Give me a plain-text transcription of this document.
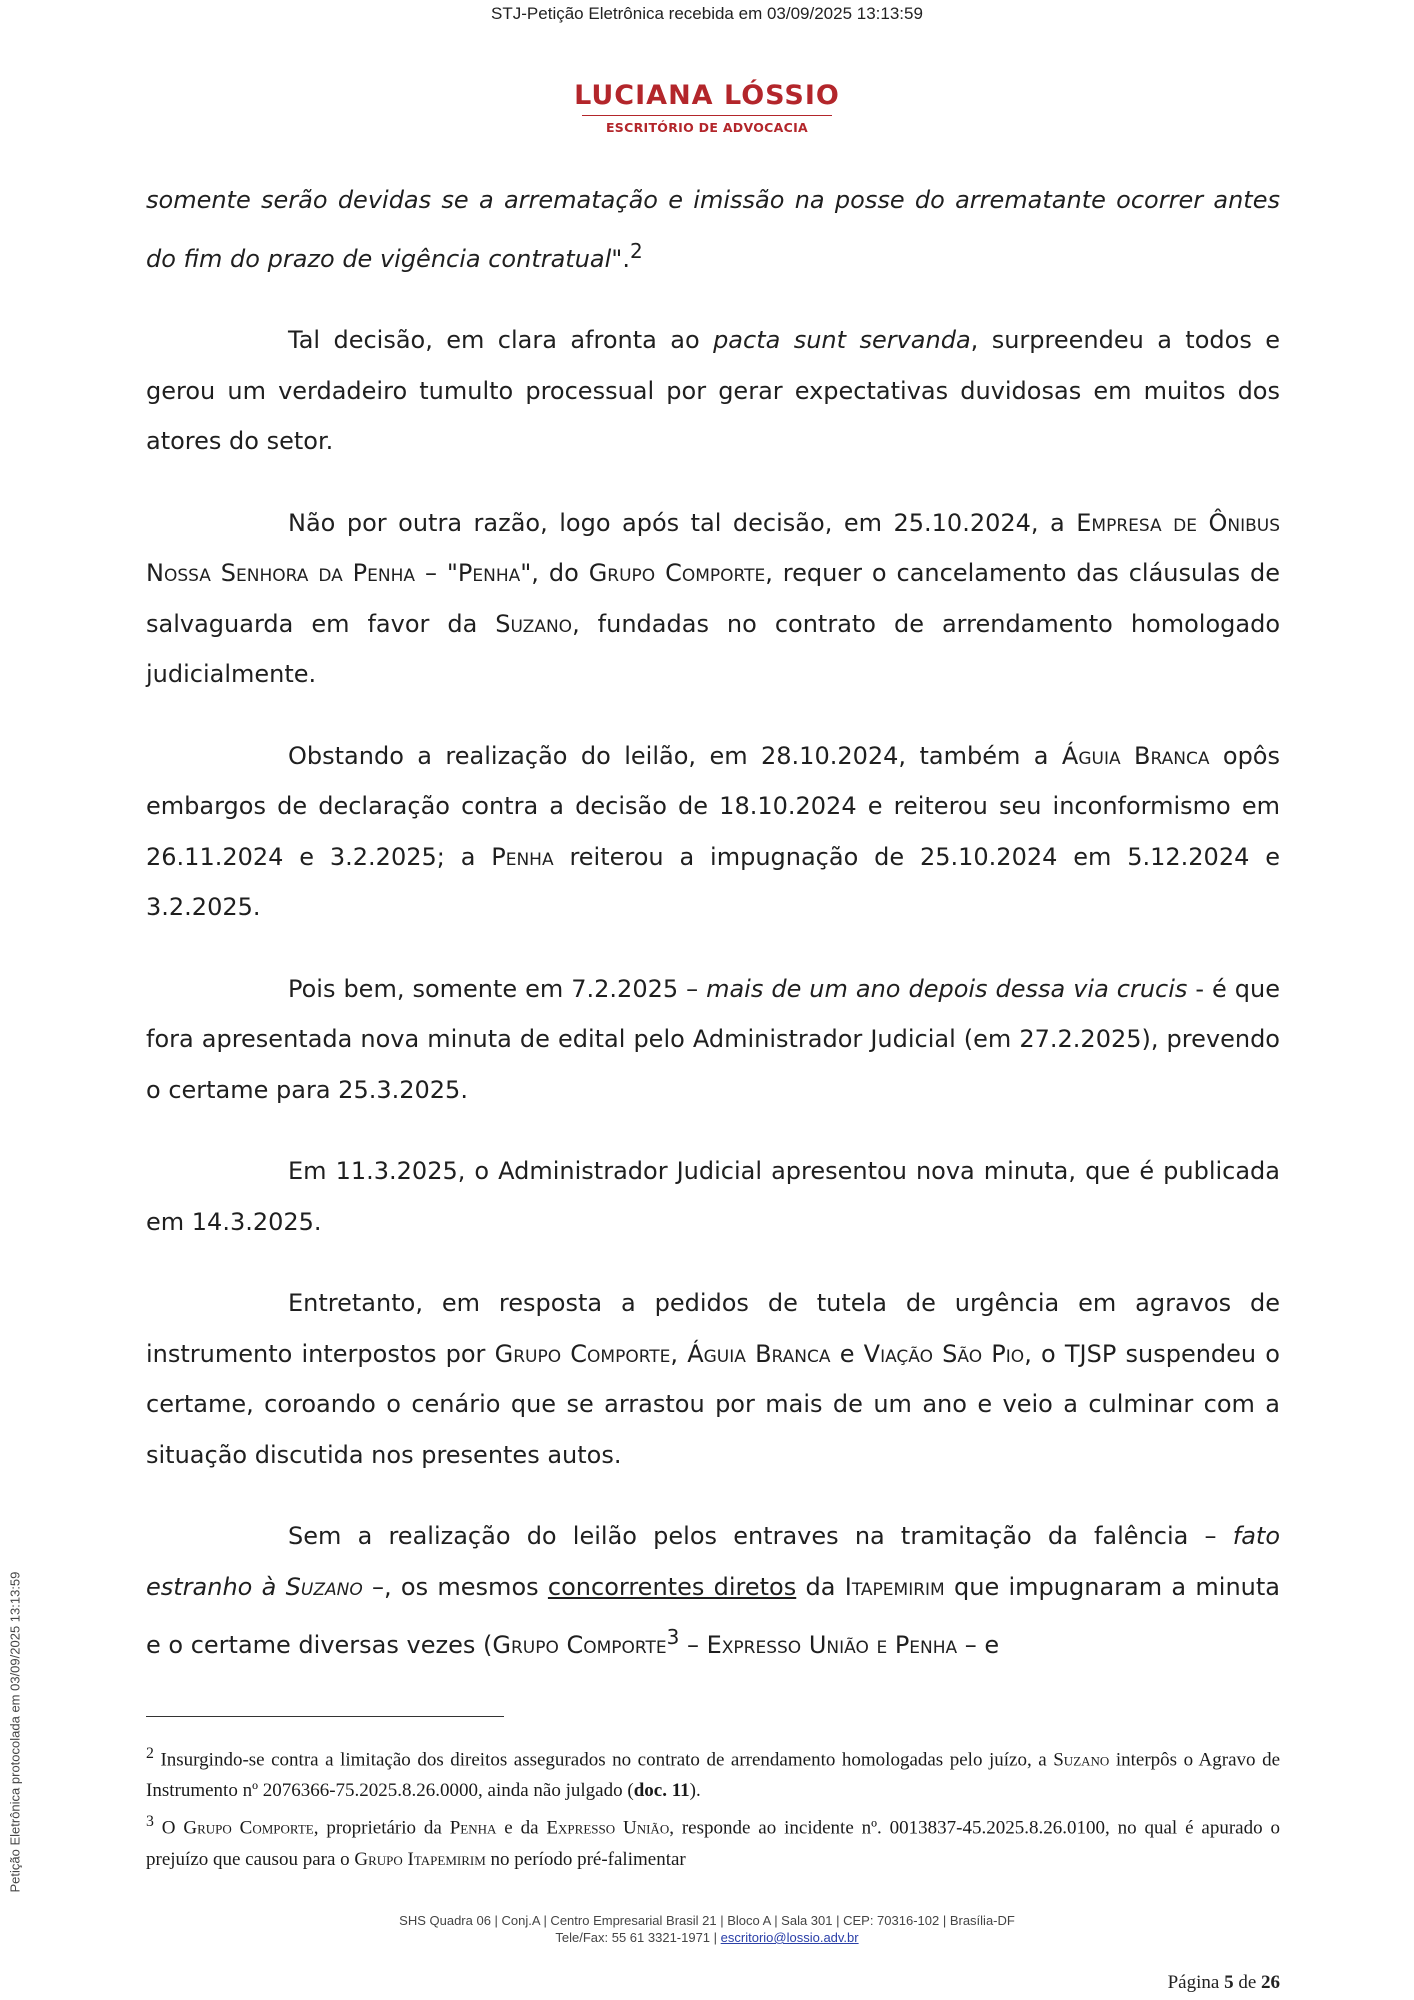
STJ-Petição Eletrônica recebida em 03/09/2025 13:13:59
Petição Eletrônica protocolada em 03/09/2025 13:13:59
LUCIANA LÓSSIO
ESCRITÓRIO DE ADVOCACIA

somente serão devidas se a arrematação e imissão na posse do arrematante ocorrer antes do fim do prazo de vigência contratual".$^2$

Tal decisão, em clara afronta ao pacta sunt servanda, surpreendeu a todos e gerou um verdadeiro tumulto processual por gerar expectativas duvidosas em muitos dos atores do setor.

Não por outra razão, logo após tal decisão, em 25.10.2024, a Empresa de Ônibus Nossa Senhora da Penha – "Penha", do Grupo Comporte, requer o cancelamento das cláusulas de salvaguarda em favor da Suzano, fundadas no contrato de arrendamento homologado judicialmente.

Obstando a realização do leilão, em 28.10.2024, também a Águia Branca opôs embargos de declaração contra a decisão de 18.10.2024 e reiterou seu inconformismo em 26.11.2024 e 3.2.2025; a Penha reiterou a impugnação de 25.10.2024 em 5.12.2024 e 3.2.2025.

Pois bem, somente em 7.2.2025 – mais de um ano depois dessa via crucis - é que fora apresentada nova minuta de edital pelo Administrador Judicial (em 27.2.2025), prevendo o certame para 25.3.2025.

Em 11.3.2025, o Administrador Judicial apresentou nova minuta, que é publicada em 14.3.2025.

Entretanto, em resposta a pedidos de tutela de urgência em agravos de instrumento interpostos por Grupo Comporte, Águia Branca e Viação São Pio, o TJSP suspendeu o certame, coroando o cenário que se arrastou por mais de um ano e veio a culminar com a situação discutida nos presentes autos.

Sem a realização do leilão pelos entraves na tramitação da falência – fato estranho à Suzano –, os mesmos concorrentes diretos da Itapemirim que impugnaram a minuta e o certame diversas vezes (Grupo Comporte$^3$ – Expresso União e Penha – e

$^2$ Insurgindo-se contra a limitação dos direitos assegurados no contrato de arrendamento homologadas pelo juízo, a Suzano interpôs o Agravo de Instrumento nº 2076366-75.2025.8.26.0000, ainda não julgado (doc. 11).

$^3$ O Grupo Comporte, proprietário da Penha e da Expresso União, responde ao incidente nº. 0013837-45.2025.8.26.0100, no qual é apurado o prejuízo que causou para o Grupo Itapemirim no período pré-falimentar

SHS Quadra 06 | Conj.A | Centro Empresarial Brasil 21 | Bloco A | Sala 301 | CEP: 70316-102 | Brasília-DF
Tele/Fax: 55 61 3321-1971 | escritorio@lossio.adv.br
Página 5 de 26
